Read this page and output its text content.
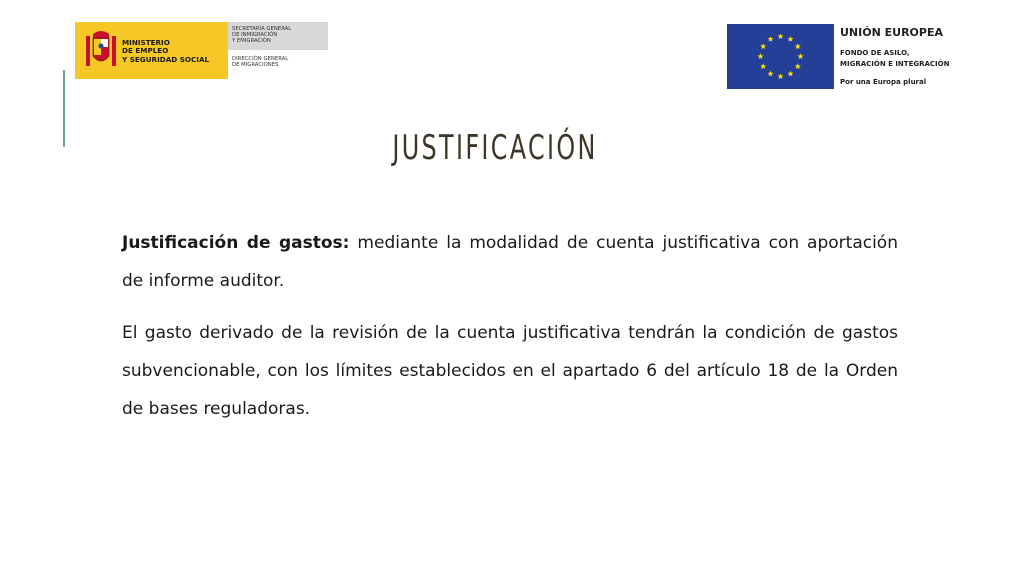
MINISTERIO
DE EMPLEO
Y SEGURIDAD SOCIAL
SECRETARÍA GENERAL
DE INMIGRACIÓN
Y EMIGRACIÓN
DIRECCIÓN GENERAL
DE MIGRACIONES
UNIÓN EUROPEA
FONDO DE ASILO,
MIGRACIÓN E INTEGRACIÓN
Por una Europa plural
JUSTIFICACIÓN

Justificación de gastos: mediante la modalidad de cuenta justificativa con aportación de informe auditor.

El gasto derivado de la revisión de la cuenta justificativa tendrán la condición de gastos subvencionable, con los límites establecidos en el apartado 6 del artículo 18 de la Orden de bases reguladoras.
